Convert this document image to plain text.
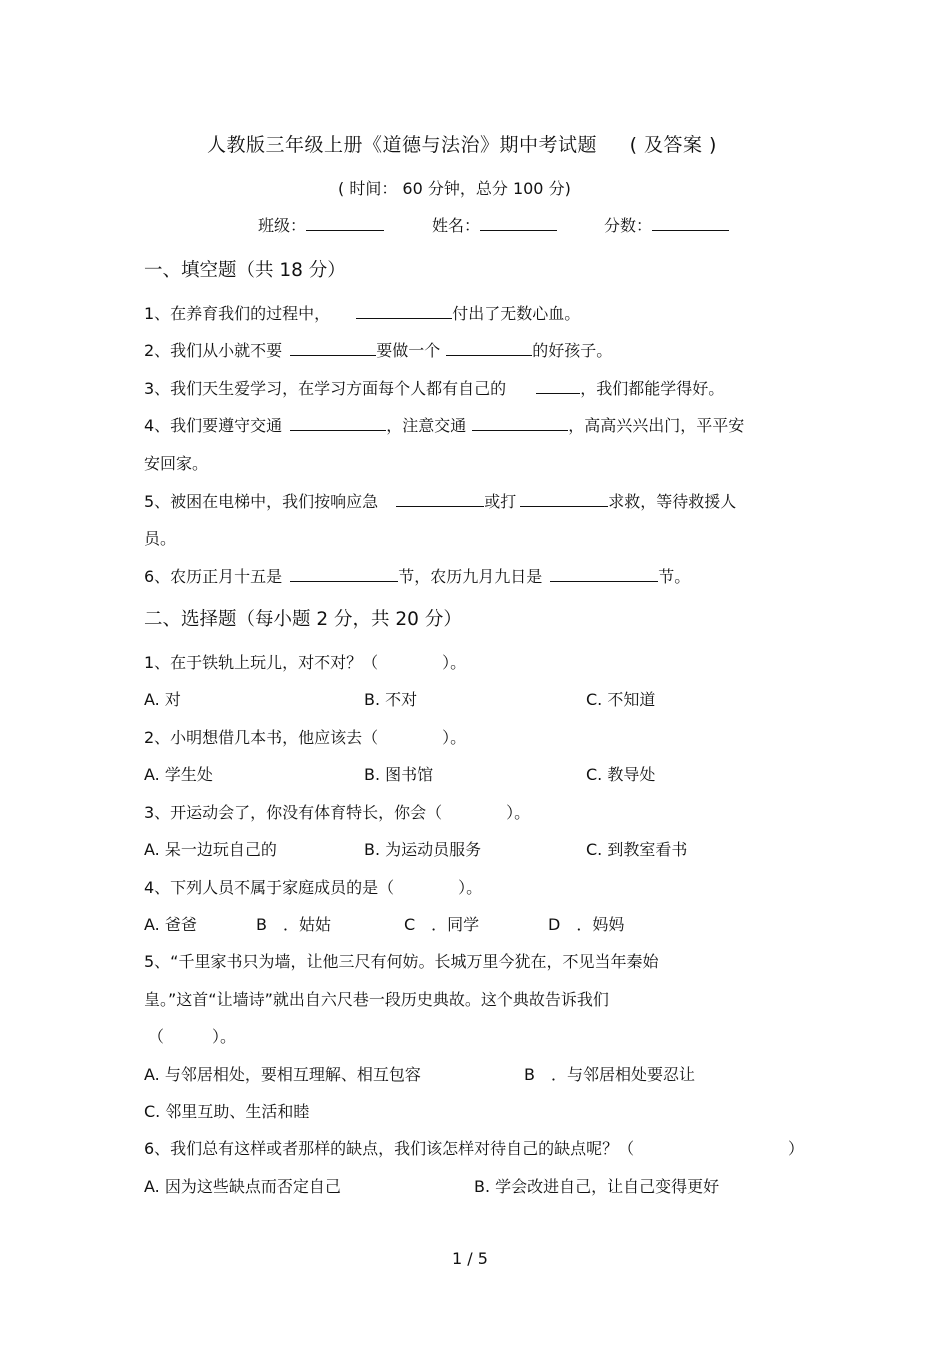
人教版三年级上册《道德与法治》期中考试题 ( 及答案 )
( 时间： 60 分钟，总分 100 分)
班级：	姓名：	分数：
一、填空题（共 18 分）
1、在养育我们的过程中，	付出了无数心血。
2、我们从小就不要	要做一个	的好孩子。
3、我们天生爱学习，在学习方面每个人都有自己的	，我们都能学得好。
4、我们要遵守交通	，注意交通	，高高兴兴出门，平平安
安回家。
5、被困在电梯中，我们按响应急	或打	求救，等待救援人
员。
6、农历正月十五是	节，农历九月九日是	节。
二、选择题（每小题 2 分，共 20 分）
1、在于铁轨上玩儿，对不对？（　　　　）。
A. 对	B. 不对	C. 不知道
2、小明想借几本书，他应该去（　　　　）。
A. 学生处	B. 图书馆	C. 教导处
3、开运动会了，你没有体育特长，你会（　　　　）。
A. 呆一边玩自己的	B. 为运动员服务	C. 到教室看书
4、下列人员不属于家庭成员的是（　　　　）。
A. 爸爸	B　．姑姑	C　．同学	D　．妈妈
5、“千里家书只为墙，让他三尺有何妨。长城万里今犹在，不见当年秦始
皇。”这首“让墙诗”就出自六尺巷一段历史典故。这个典故告诉我们
（　　　）。
A. 与邻居相处，要相互理解、相互包容	B　．与邻居相处要忍让
C. 邻里互助、生活和睦
6、我们总有这样或者那样的缺点，我们该怎样对待自己的缺点呢？（	）
A. 因为这些缺点而否定自己	B. 学会改进自己，让自己变得更好
1 / 5
